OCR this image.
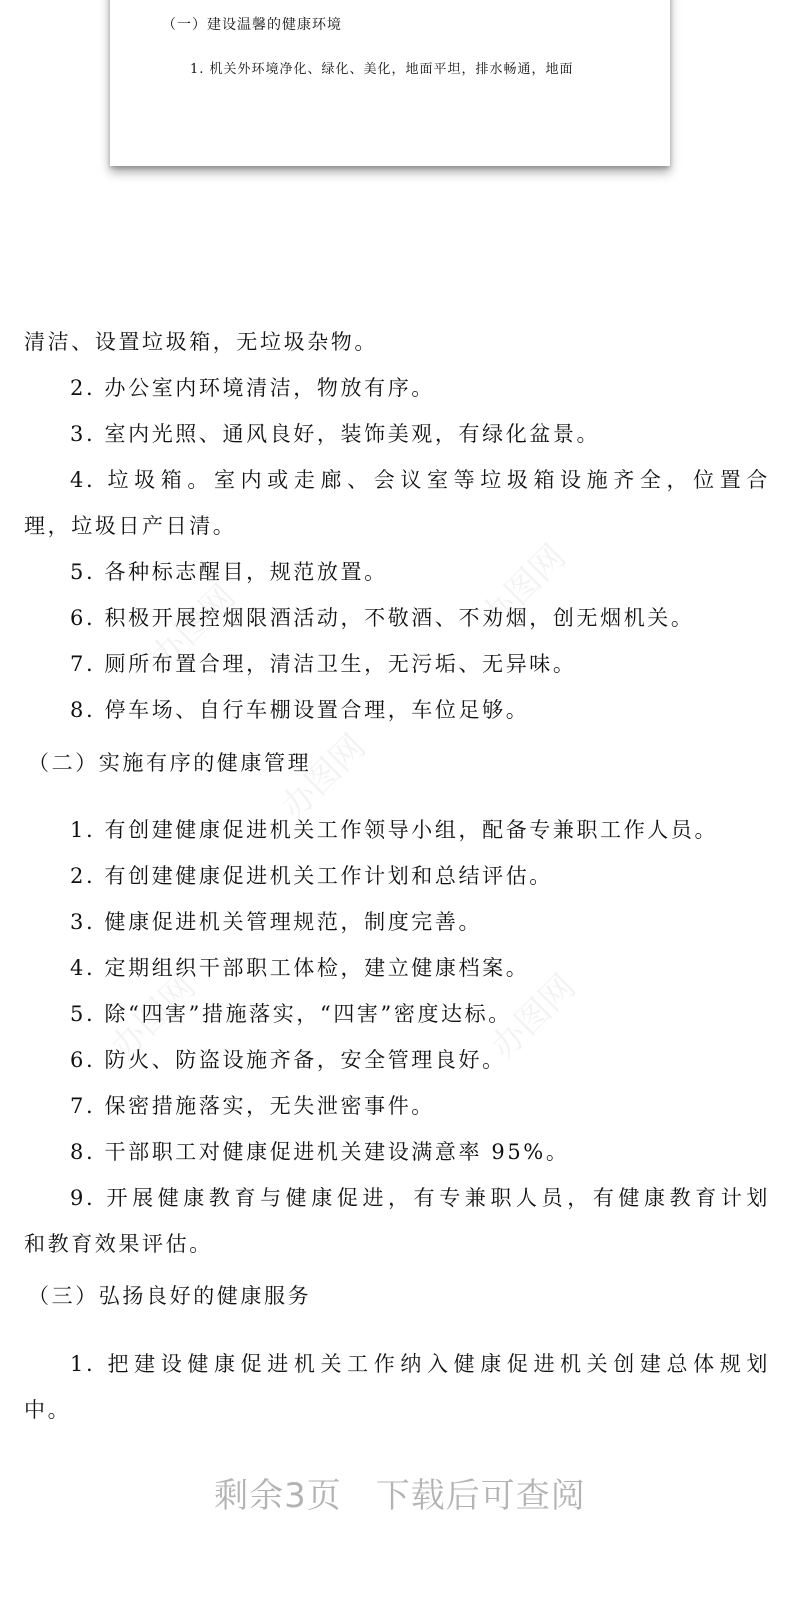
（一）建设温馨的健康环境
1. 机关外环境净化、绿化、美化，地面平坦，排水畅通，地面
办图网	办图网
办图网
办图网	办图网
清洁、设置垃圾箱，无垃圾杂物。
2. 办公室内环境清洁，物放有序。
3. 室内光照、通风良好，装饰美观，有绿化盆景。
4. 垃圾箱。室内或走廊、会议室等垃圾箱设施齐全，位置合
理，垃圾日产日清。
5. 各种标志醒目，规范放置。
6. 积极开展控烟限酒活动，不敬酒、不劝烟，创无烟机关。
7. 厕所布置合理，清洁卫生，无污垢、无异味。
8. 停车场、自行车棚设置合理，车位足够。
（二）实施有序的健康管理
1. 有创建健康促进机关工作领导小组，配备专兼职工作人员。
2. 有创建健康促进机关工作计划和总结评估。
3. 健康促进机关管理规范，制度完善。
4. 定期组织干部职工体检，建立健康档案。
5. 除“四害”措施落实，“四害”密度达标。
6. 防火、防盗设施齐备，安全管理良好。
7. 保密措施落实，无失泄密事件。
8. 干部职工对健康促进机关建设满意率 95%。
9. 开展健康教育与健康促进，有专兼职人员，有健康教育计划
和教育效果评估。
（三）弘扬良好的健康服务
1. 把建设健康促进机关工作纳入健康促进机关创建总体规划
中。
剩余3页 下载后可查阅
